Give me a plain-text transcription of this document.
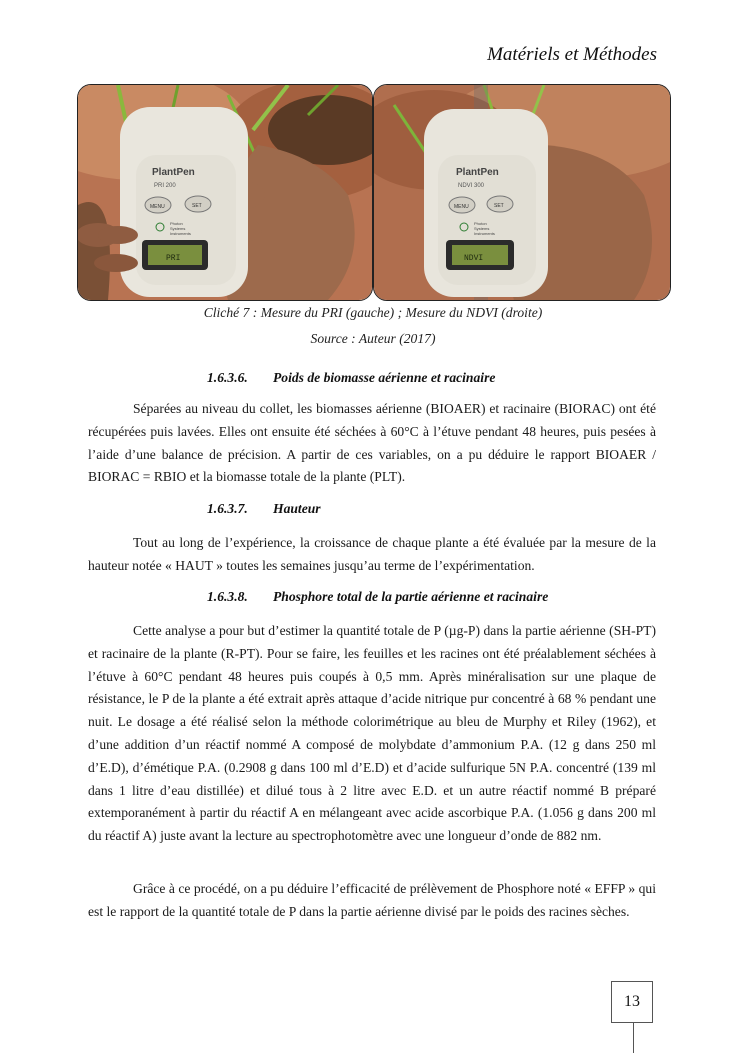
Matériels et Méthodes
PlantPen
PRI 200
MENU	SET
Photon
Systems
Instruments
PRI
PlantPen
NDVI 300
MENU	SET
Photon
Systems
Instruments
NDVI
Cliché 7 : Mesure du PRI (gauche) ; Mesure du NDVI (droite)
Source : Auteur (2017)
1.6.3.6. Poids de biomasse aérienne et racinaire
Séparées au niveau du collet, les biomasses aérienne (BIOAER) et racinaire (BIORAC) ont été récupérées puis lavées. Elles ont ensuite été séchées à 60°C à l’étuve pendant 48 heures, puis pesées à l’aide d’une balance de précision. A partir de ces variables, on a pu déduire le rapport BIOAER / BIORAC = RBIO et la biomasse totale de la plante (PLT).
1.6.3.7. Hauteur
Tout au long de l’expérience, la croissance de chaque plante a été évaluée par la mesure de la hauteur notée « HAUT » toutes les semaines jusqu’au terme de l’expérimentation.
1.6.3.8. Phosphore total de la partie aérienne et racinaire
Cette analyse a pour but d’estimer la quantité totale de P (µg-P) dans la partie aérienne (SH-PT) et racinaire de la plante (R-PT). Pour se faire, les feuilles et les racines ont été préalablement séchées à l’étuve à 60°C pendant 48 heures puis coupés à 0,5 mm. Après minéralisation sur une plaque de résistance, le P de la plante a été extrait après attaque d’acide nitrique pur concentré à 68 % pendant une nuit. Le dosage a été réalisé selon la méthode colorimétrique au bleu de Murphy et Riley (1962), et d’une addition d’un réactif nommé A composé de molybdate d’ammonium P.A. (12 g dans 250 ml d’E.D), d’émétique P.A. (0.2908 g dans 100 ml d’E.D) et d’acide sulfurique 5N P.A. concentré (139 ml dans 1 litre d’eau distillée) et dilué tous à 2 litre avec E.D. et un autre réactif nommé B préparé extemporanément à partir du réactif A en mélangeant avec acide ascorbique P.A. (1.056 g dans 200 ml du réactif A) juste avant la lecture au spectrophotomètre avec une longueur d’onde de 882 nm.
Grâce à ce procédé, on a pu déduire l’efficacité de prélèvement de Phosphore noté « EFFP » qui est le rapport de la quantité totale de P dans la partie aérienne divisé par le poids des racines sèches.
13
